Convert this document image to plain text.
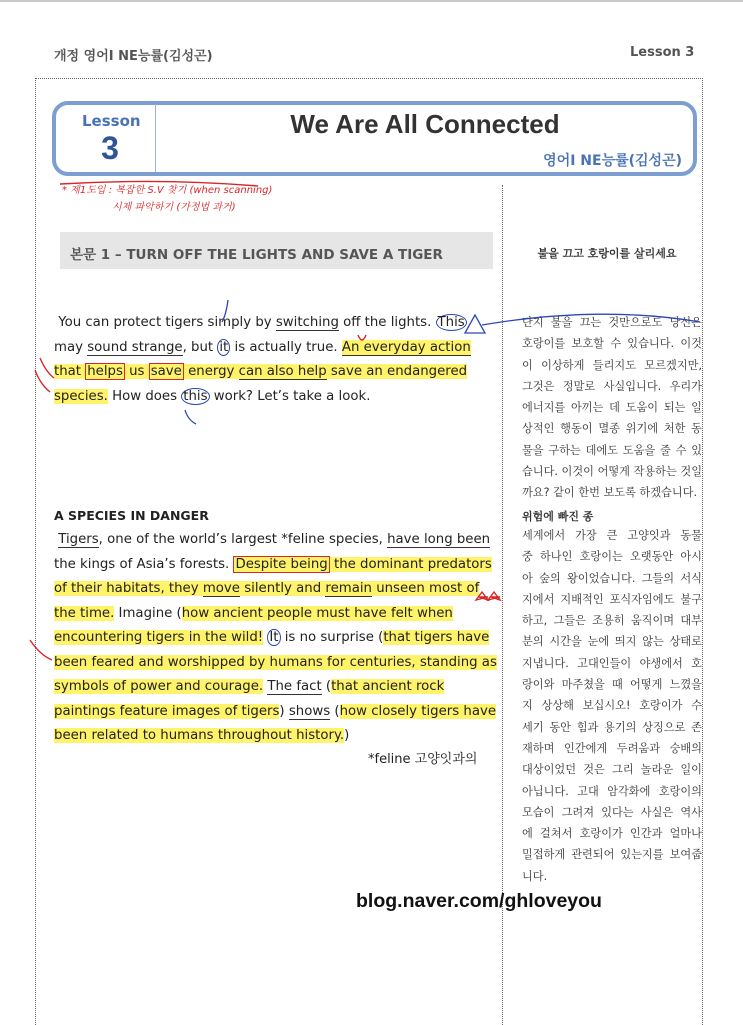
개정 영어I NE능률(김성곤)	Lesson 3
Lesson
3
We Are All Connected
영어I NE능률(김성곤)
* 제1도입 : 복잡한 S.V 찾기 (when scanning)
시제 파악하기 (가정법 과거)
본문 1 – TURN OFF THE LIGHTS AND SAVE A TIGER	불을 끄고 호랑이를 살리세요
You can protect tigers simply by switching off the lights. This
may sound strange, but it is actually true. An everyday action
that helps us save energy can also help save an endangered
species. How does this work? Let’s take a look.
A SPECIES IN DANGER
Tigers, one of the world’s largest *feline species, have long been
the kings of Asia’s forests. Despite being the dominant predators
of their habitats, they move silently and remain unseen most of
the time. Imagine (how ancient people must have felt when
encountering tigers in the wild! It is no surprise (that tigers have
been feared and worshipped by humans for centuries, standing as
symbols of power and courage. The fact (that ancient rock
paintings feature images of tigers) shows (how closely tigers have
been related to humans throughout history.)
*feline 고양잇과의
단지 불을 끄는 것만으로도 당신은
호랑이를 보호할 수 있습니다. 이것
이 이상하게 들리지도 모르겠지만,
그것은 정말로 사실입니다. 우리가
에너지를 아끼는 데 도움이 되는 일
상적인 행동이 멸종 위기에 처한 동
물을 구하는 데에도 도움을 줄 수 있
습니다. 이것이 어떻게 작용하는 것일
까요? 같이 한번 보도록 하겠습니다.
위험에 빠진 종
세계에서 가장 큰 고양잇과 동물
중 하나인 호랑이는 오랫동안 아시
아 숲의 왕이었습니다. 그들의 서식
지에서 지배적인 포식자임에도 불구
하고, 그들은 조용히 움직이며 대부
분의 시간을 눈에 띄지 않는 상태로
지냅니다. 고대인들이 야생에서 호
랑이와 마주쳤을 때 어떻게 느꼈을
지 상상해 보십시오! 호랑이가 수
세기 동안 힘과 용기의 상징으로 존
재하며 인간에게 두려움과 숭배의
대상이었던 것은 그리 놀라운 일이
아닙니다. 고대 암각화에 호랑이의
모습이 그려져 있다는 사실은 역사
에 걸쳐서 호랑이가 인간과 얼마나
밀접하게 관련되어 있는지를 보여줍
니다.
blog.naver.com/ghloveyou
